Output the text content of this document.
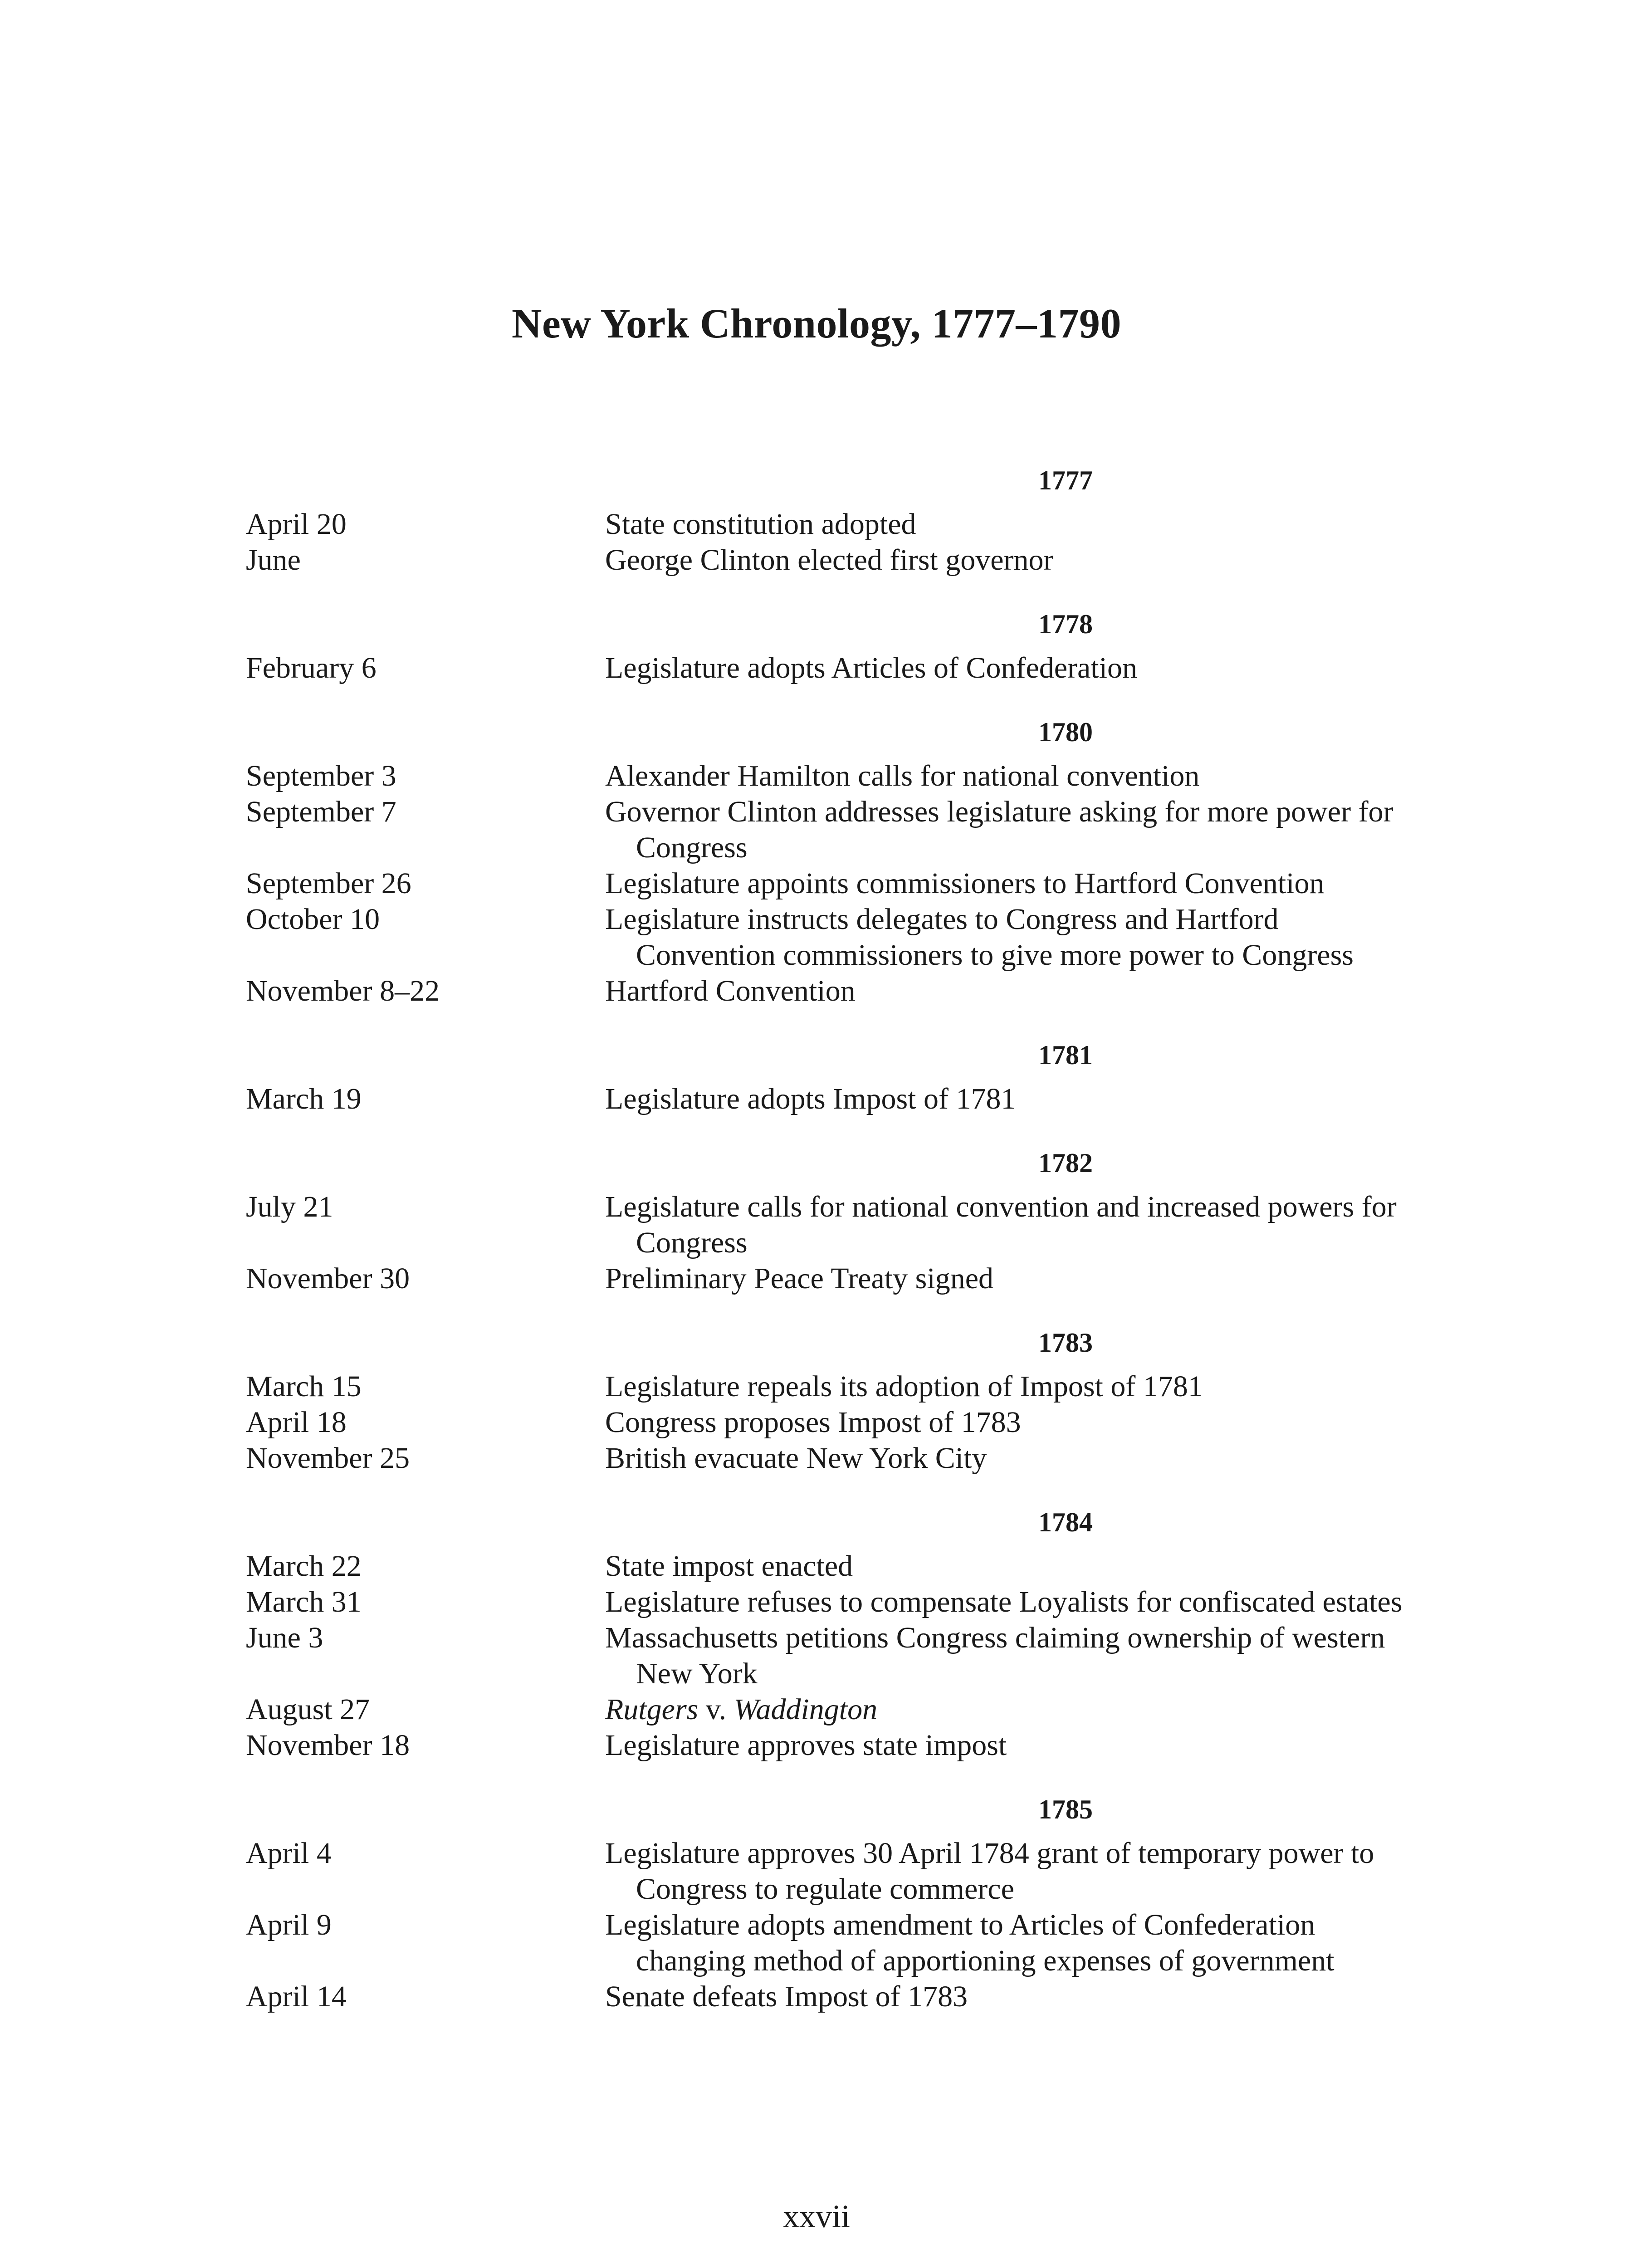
New York Chronology, 1777–1790
1777
April 20	State constitution adopted
June	George Clinton elected first governor
1778
February 6	Legislature adopts Articles of Confederation
1780
September 3	Alexander Hamilton calls for national convention
September 7	Governor Clinton addresses legislature asking for more power for Congress
September 26	Legislature appoints commissioners to Hartford Convention
October 10	Legislature instructs delegates to Congress and Hartford Convention commissioners to give more power to Congress
November 8–22	Hartford Convention
1781
March 19	Legislature adopts Impost of 1781
1782
July 21	Legislature calls for national convention and increased powers for Congress
November 30	Preliminary Peace Treaty signed
1783
March 15	Legislature repeals its adoption of Impost of 1781
April 18	Congress proposes Impost of 1783
November 25	British evacuate New York City
1784
March 22	State impost enacted
March 31	Legislature refuses to compensate Loyalists for confiscated estates
June 3	Massachusetts petitions Congress claiming ownership of western New York
August 27	Rutgers v. Waddington
November 18	Legislature approves state impost
1785
April 4	Legislature approves 30 April 1784 grant of temporary power to Congress to regulate commerce
April 9	Legislature adopts amendment to Articles of Confederation changing method of apportioning expenses of government
April 14	Senate defeats Impost of 1783
xxvii
